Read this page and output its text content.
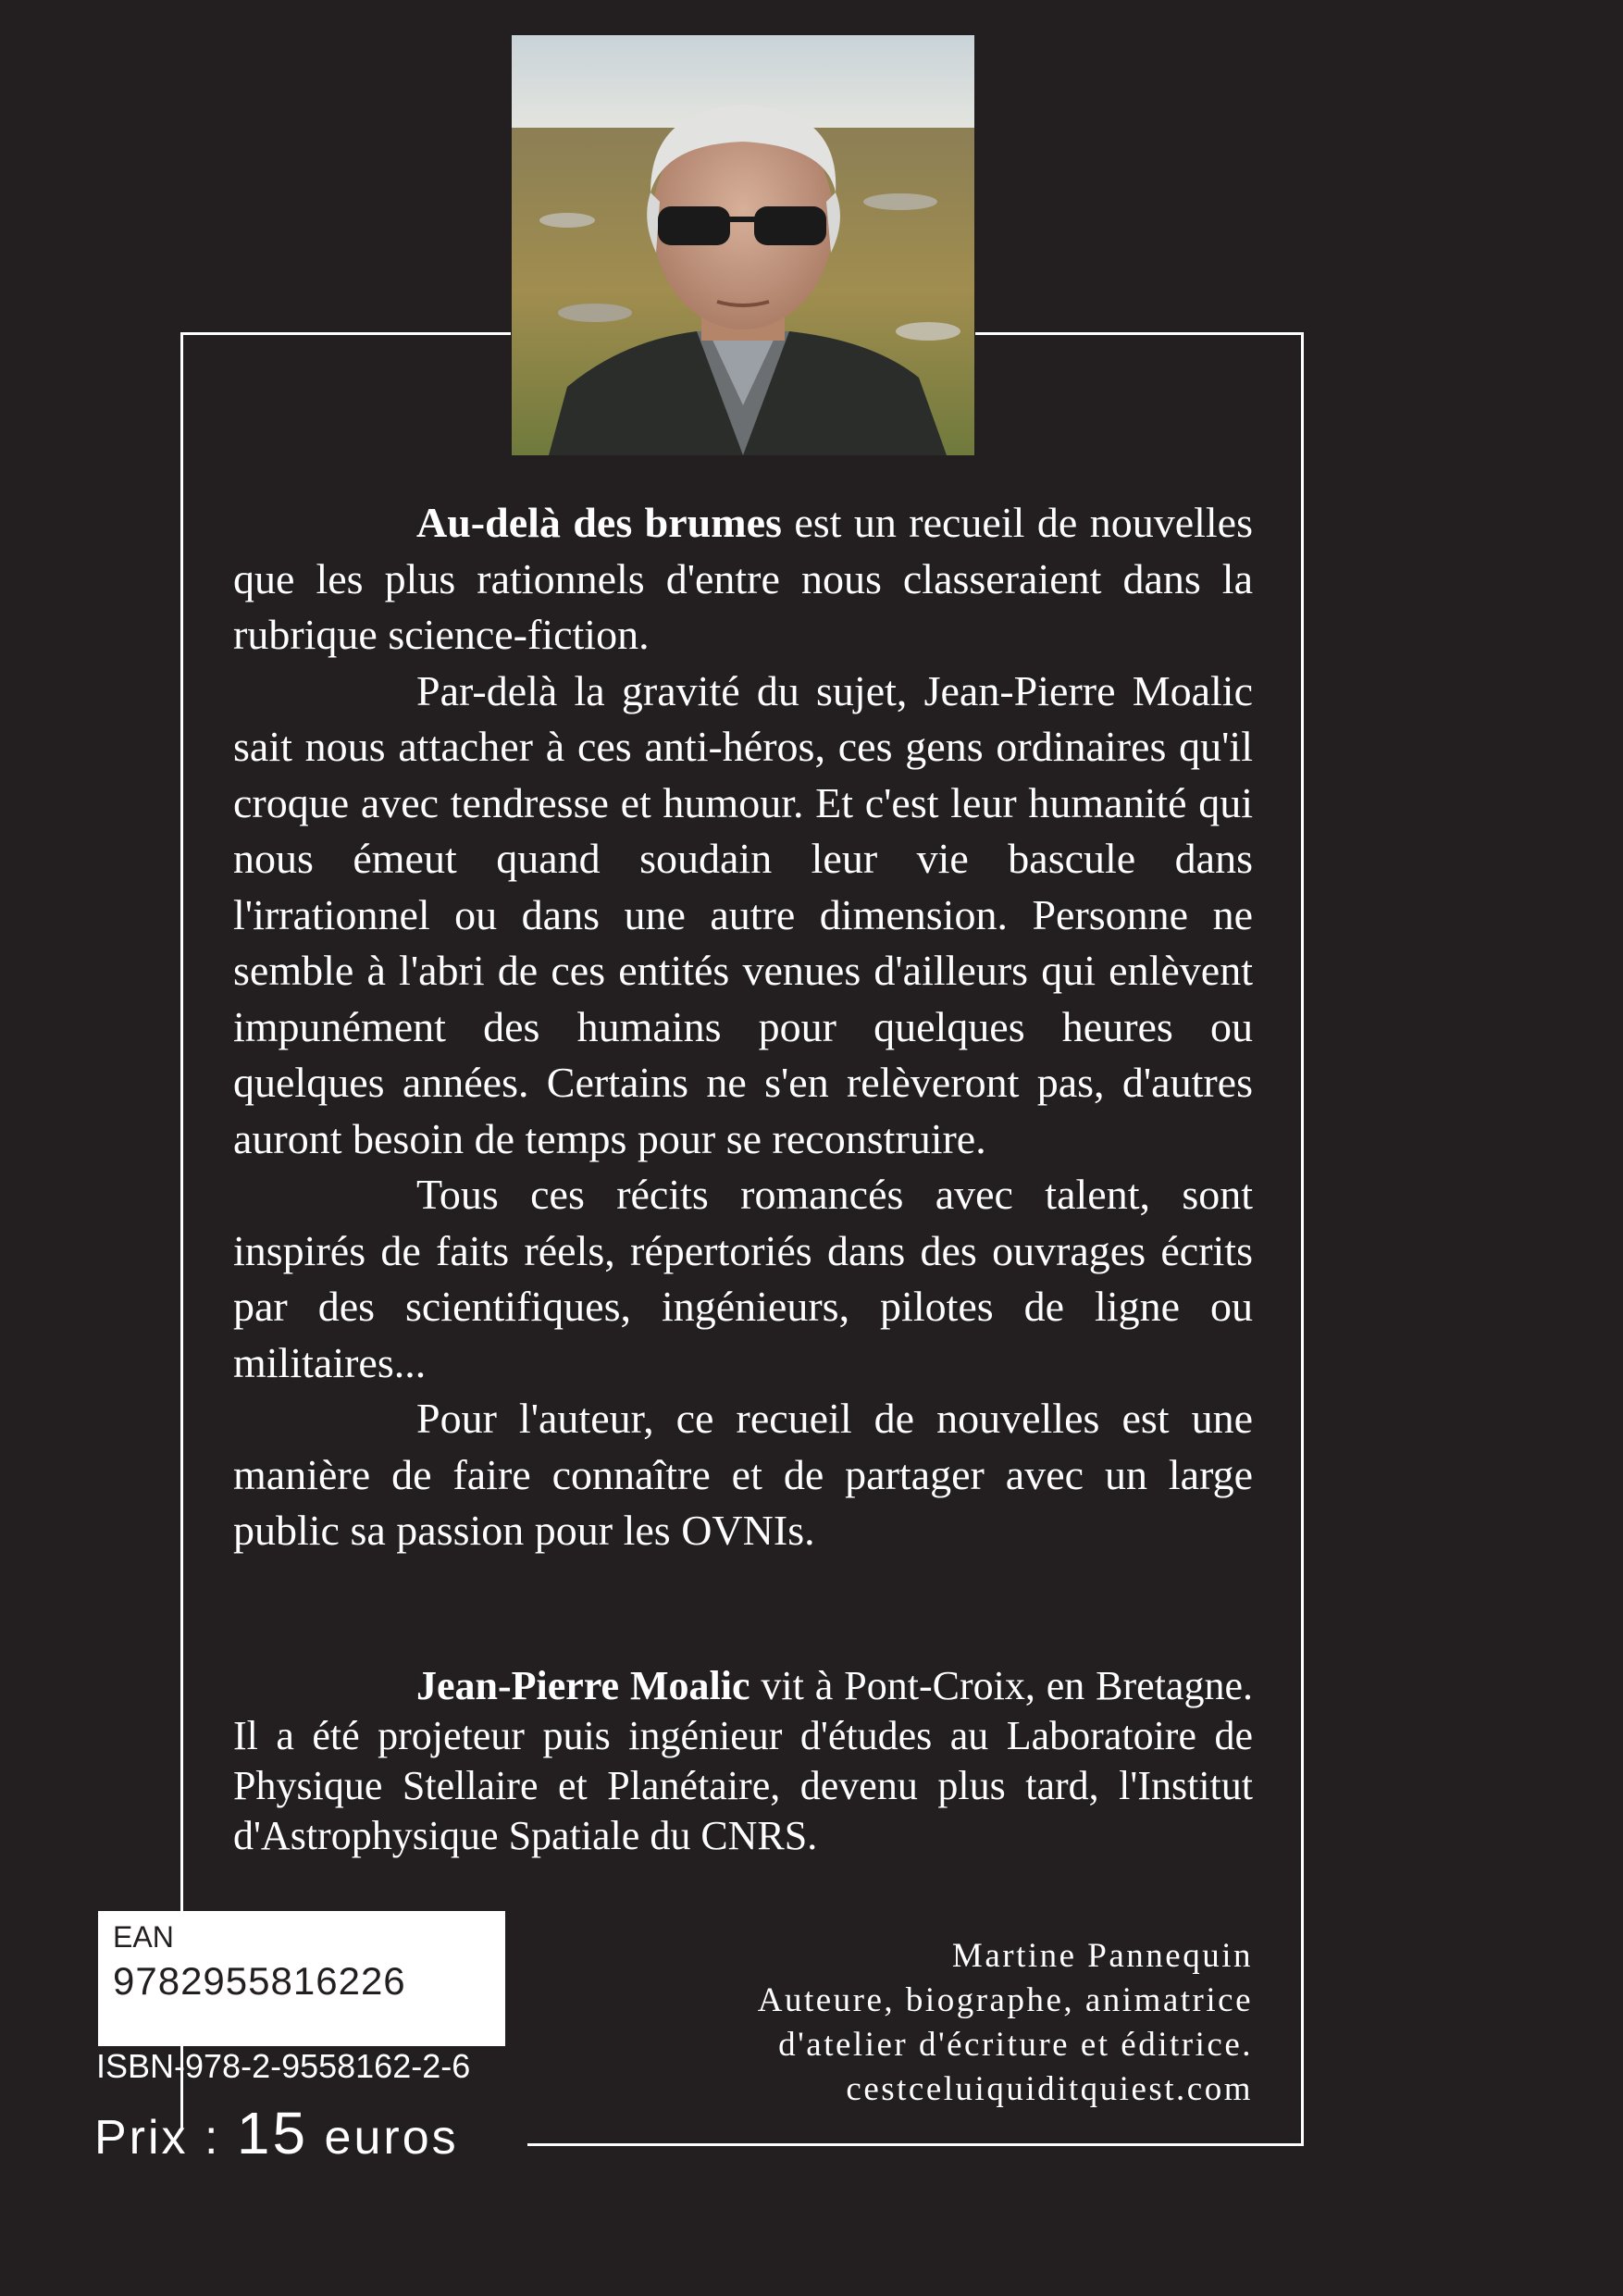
Au-delà des brumes est un recueil de nouvelles que les plus rationnels d'entre nous classeraient dans la rubrique science-fiction.

Par-delà la gravité du sujet, Jean-Pierre Moalic sait nous attacher à ces anti-héros, ces gens ordinaires qu'il croque avec tendresse et humour. Et c'est leur humanité qui nous émeut quand soudain leur vie bascule dans l'irrationnel ou dans une autre dimension. Personne ne semble à l'abri de ces entités venues d'ailleurs qui enlèvent impunément des humains pour quelques heures ou quelques années. Certains ne s'en relèveront pas, d'autres auront besoin de temps pour se reconstruire.

Tous ces récits romancés avec talent, sont inspirés de faits réels, répertoriés dans des ouvrages écrits par des scientifiques, ingénieurs, pilotes de ligne ou militaires...

Pour l'auteur, ce recueil de nouvelles est une manière de faire connaître et de partager avec un large public sa passion pour les OVNIs.

Jean-Pierre Moalic vit à Pont-Croix, en Bretagne. Il a été projeteur puis ingénieur d'études au Laboratoire de Physique Stellaire et Planétaire, devenu plus tard, l'Institut d'Astrophysique Spatiale du CNRS.

EAN
9782955816226
ISBN-978-2-9558162-2-6
Prix : 15 euros
Martine Pannequin
Auteure, biographe, animatrice
d'atelier d'écriture et éditrice.
cestceluiquiditquiest.com
